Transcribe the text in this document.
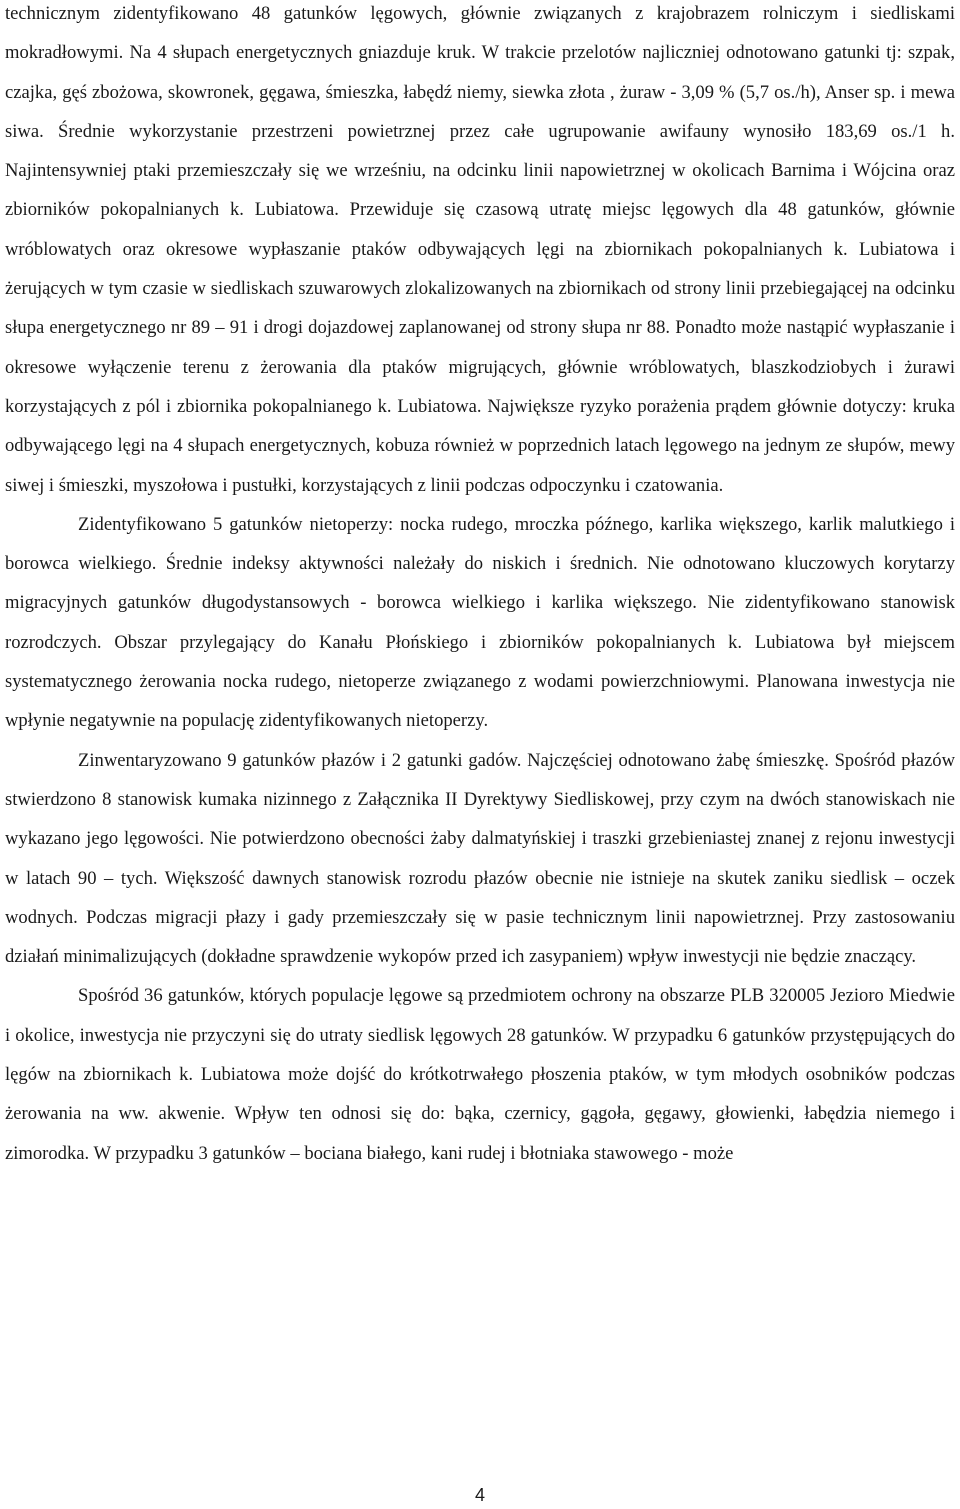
technicznym zidentyfikowano 48 gatunków lęgowych, głównie związanych z krajobrazem rolniczym i siedliskami mokradłowymi. Na 4 słupach energetycznych gniazduje kruk. W trakcie przelotów najliczniej odnotowano gatunki tj: szpak, czajka, gęś zbożowa, skowronek, gęgawa, śmieszka, łabędź niemy, siewka złota , żuraw - 3,09 % (5,7 os./h), Anser sp. i mewa siwa. Średnie wykorzystanie przestrzeni powietrznej przez całe ugrupowanie awifauny wynosiło 183,69 os./1 h. Najintensywniej ptaki przemieszczały się we wrześniu, na odcinku linii napowietrznej w okolicach Barnima i Wójcina oraz zbiorników pokopalnianych k. Lubiatowa. Przewiduje się czasową utratę miejsc lęgowych dla 48 gatunków, głównie wróblowatych oraz okresowe wypłaszanie ptaków odbywających lęgi na zbiornikach pokopalnianych k. Lubiatowa i żerujących w tym czasie w siedliskach szuwarowych zlokalizowanych na zbiornikach od strony linii przebiegającej na odcinku słupa energetycznego nr 89 – 91 i drogi dojazdowej zaplanowanej od strony słupa nr 88. Ponadto może nastąpić wypłaszanie i okresowe wyłączenie terenu z żerowania dla ptaków migrujących, głównie wróblowatych, blaszkodziobych i żurawi korzystających z pól i zbiornika pokopalnianego k. Lubiatowa. Największe ryzyko porażenia prądem głównie dotyczy: kruka odbywającego lęgi na 4 słupach energetycznych, kobuza również w poprzednich latach lęgowego na jednym ze słupów, mewy siwej i śmieszki, myszołowa i pustułki, korzystających z linii podczas odpoczynku i czatowania.

Zidentyfikowano 5 gatunków nietoperzy: nocka rudego, mroczka późnego, karlika większego, karlik malutkiego i borowca wielkiego. Średnie indeksy aktywności należały do niskich i średnich. Nie odnotowano kluczowych korytarzy migracyjnych gatunków długodystansowych - borowca wielkiego i karlika większego. Nie zidentyfikowano stanowisk rozrodczych. Obszar przylegający do Kanału Płońskiego i zbiorników pokopalnianych k. Lubiatowa był miejscem systematycznego żerowania nocka rudego, nietoperze związanego z wodami powierzchniowymi. Planowana inwestycja nie wpłynie negatywnie na populację zidentyfikowanych nietoperzy.

Zinwentaryzowano 9 gatunków płazów i 2 gatunki gadów. Najczęściej odnotowano żabę śmieszkę. Spośród płazów stwierdzono 8 stanowisk kumaka nizinnego z Załącznika II Dyrektywy Siedliskowej, przy czym na dwóch stanowiskach nie wykazano jego lęgowości. Nie potwierdzono obecności żaby dalmatyńskiej i traszki grzebieniastej znanej z rejonu inwestycji w latach 90 – tych. Większość dawnych stanowisk rozrodu płazów obecnie nie istnieje na skutek zaniku siedlisk – oczek wodnych. Podczas migracji płazy i gady przemieszczały się w pasie technicznym linii napowietrznej. Przy zastosowaniu działań minimalizujących (dokładne sprawdzenie wykopów przed ich zasypaniem) wpływ inwestycji nie będzie znaczący.

Spośród 36 gatunków, których populacje lęgowe są przedmiotem ochrony na obszarze PLB 320005 Jezioro Miedwie i okolice, inwestycja nie przyczyni się do utraty siedlisk lęgowych 28 gatunków. W przypadku 6 gatunków przystępujących do lęgów na zbiornikach k. Lubiatowa może dojść do krótkotrwałego płoszenia ptaków, w tym młodych osobników podczas żerowania na ww. akwenie. Wpływ ten odnosi się do: bąka, czernicy, gągoła, gęgawy, głowienki, łabędzia niemego i zimorodka. W przypadku 3 gatunków – bociana białego, kani rudej i błotniaka stawowego - może

4
